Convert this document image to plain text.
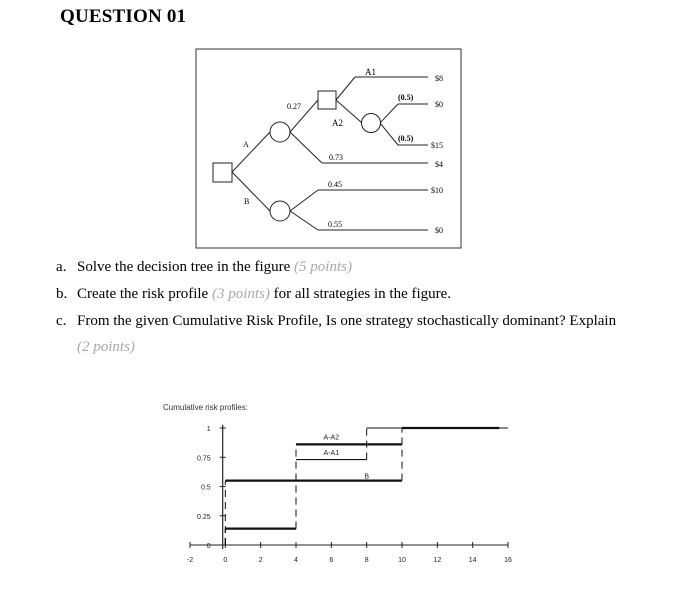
QUESTION 01
A1
A2
A
B
0.27
0.73
(0.5)
(0.5)
0.45
0.55
$8
$0
$15
$4
$10
$0
a. Solve the decision tree in the figure (5 points)
b. Create the risk profile (3 points) for all strategies in the figure.
c. From the given Cumulative Risk Profile, Is one strategy stochastically dominant? Explain
(2 points)
Cumulative risk profiles:
-2	0	2	4	6	8	10	12	14	16
0
0.25
0.5
0.75
1
A-A1
A-A2
B
